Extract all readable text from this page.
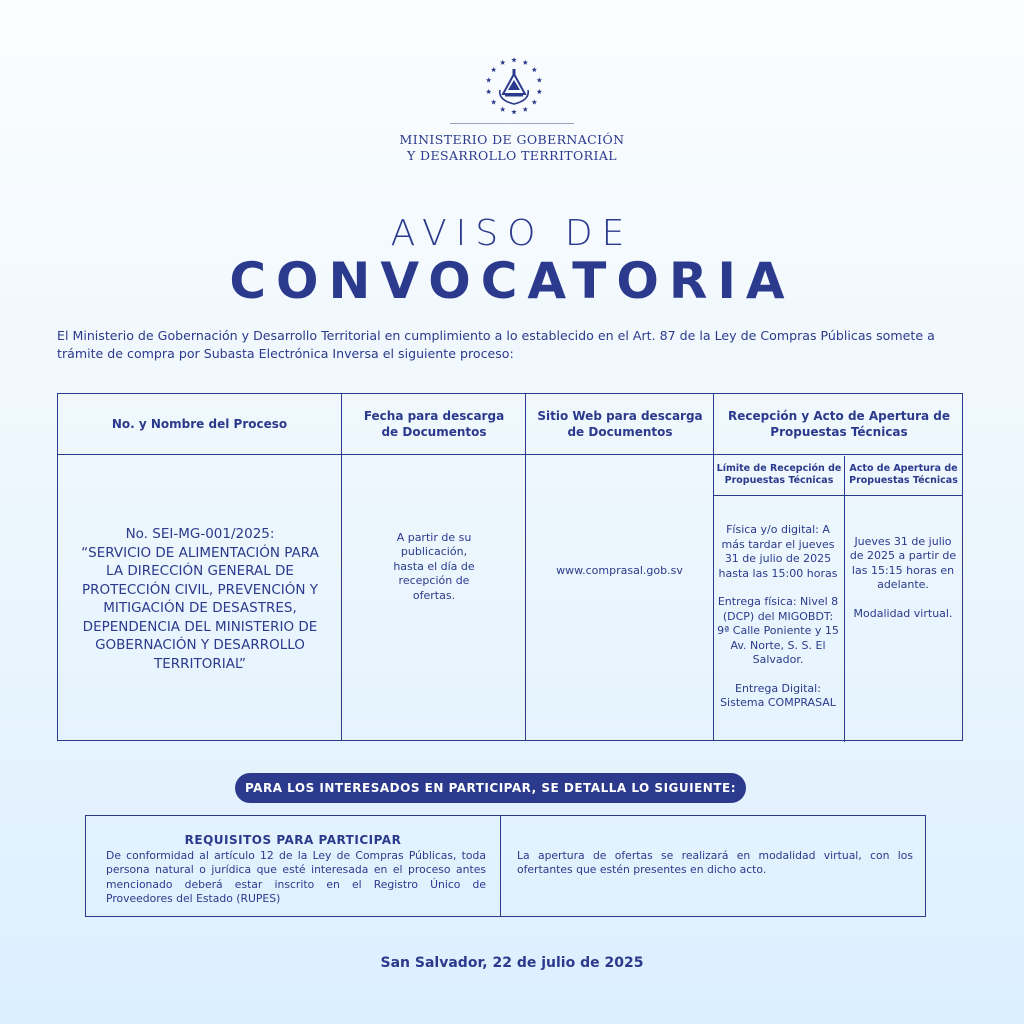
MINISTERIO DE GOBERNACIÓN
Y DESARROLLO TERRITORIAL
AVISO DE
CONVOCATORIA
El Ministerio de Gobernación y Desarrollo Territorial en cumplimiento a lo establecido en el Art. 87 de la Ley de Compras Públicas somete a trámite de compra por Subasta Electrónica Inversa el siguiente proceso:
No. y Nombre del Proceso
Fecha para descarga de Documentos
Sitio Web para descarga de Documentos
Recepción y Acto de Apertura de Propuestas Técnicas
Límite de Recepción de Propuestas Técnicas
Acto de Apertura de Propuestas Técnicas
No. SEI-MG-001/2025:
“SERVICIO DE ALIMENTACIÓN PARA LA DIRECCIÓN GENERAL DE PROTECCIÓN CIVIL, PREVENCIÓN Y MITIGACIÓN DE DESASTRES, DEPENDENCIA DEL MINISTERIO DE GOBERNACIÓN Y DESARROLLO TERRITORIAL”
A partir de su publicación, hasta el día de recepción de ofertas.
www.comprasal.gob.sv
Física y/o digital: A más tardar el jueves 31 de julio de 2025 hasta las 15:00 horas
Entrega física: Nivel 8 (DCP) del MIGOBDT: 9ª Calle Poniente y 15 Av. Norte, S. S. El Salvador.
Entrega Digital: Sistema COMPRASAL
Jueves 31 de julio de 2025 a partir de las 15:15 horas en adelante.
Modalidad virtual.
PARA LOS INTERESADOS EN PARTICIPAR, SE DETALLA LO SIGUIENTE:
REQUISITOS PARA PARTICIPAR
De conformidad al artículo 12 de la Ley de Compras Públicas, toda persona natural o jurídica que esté interesada en el proceso antes mencionado deberá estar inscrito en el Registro Único de Proveedores del Estado (RUPES)
La apertura de ofertas se realizará en modalidad virtual, con los ofertantes que estén presentes en dicho acto.
San Salvador, 22 de julio de 2025
